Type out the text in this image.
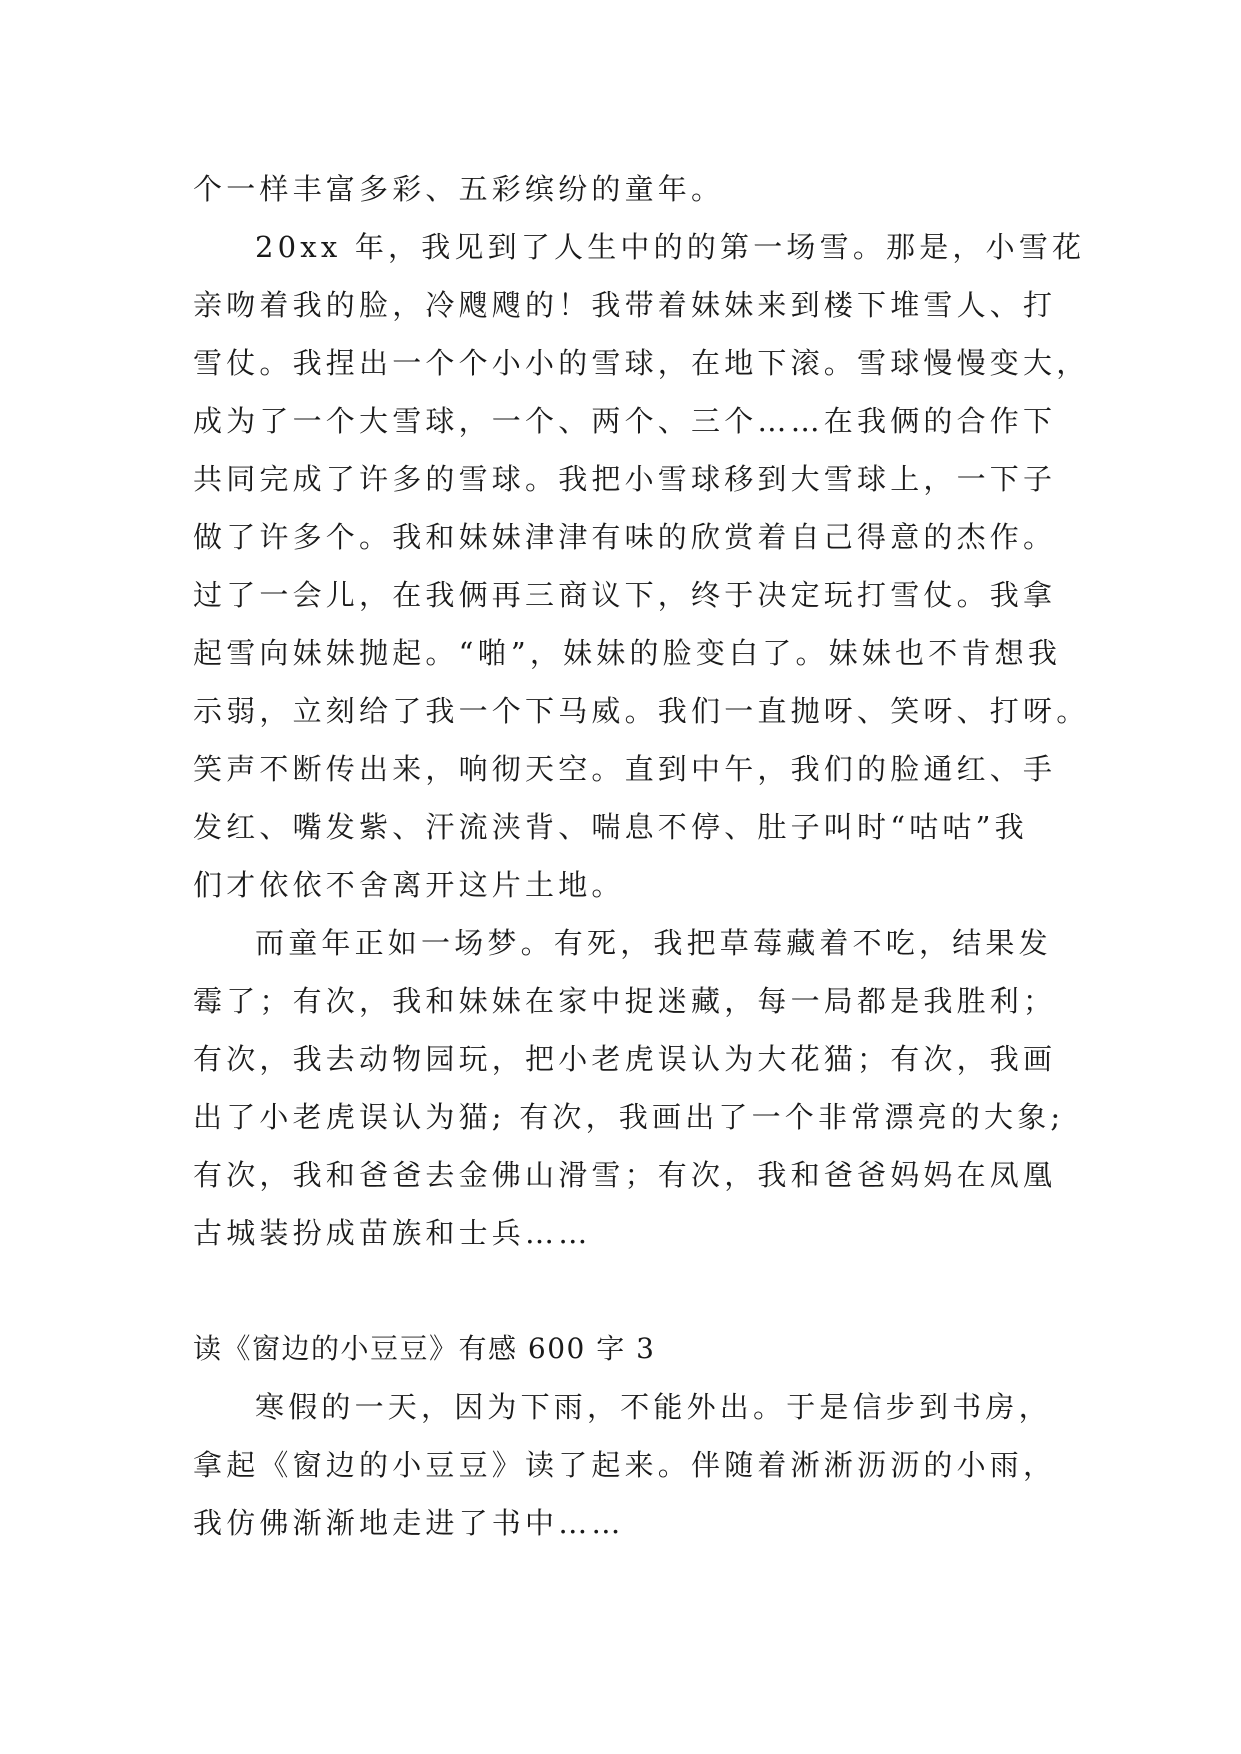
个一样丰富多彩、五彩缤纷的童年。
20xx 年，我见到了人生中的的第一场雪。那是，小雪花
亲吻着我的脸，冷飕飕的！我带着妹妹来到楼下堆雪人、打
雪仗。我捏出一个个小小的雪球，在地下滚。雪球慢慢变大，
成为了一个大雪球，一个、两个、三个……在我俩的合作下
共同完成了许多的雪球。我把小雪球移到大雪球上，一下子
做了许多个。我和妹妹津津有味的欣赏着自己得意的杰作。
过了一会儿，在我俩再三商议下，终于决定玩打雪仗。我拿
起雪向妹妹抛起。“啪”，妹妹的脸变白了。妹妹也不肯想我
示弱，立刻给了我一个下马威。我们一直抛呀、笑呀、打呀。
笑声不断传出来，响彻天空。直到中午，我们的脸通红、手
发红、嘴发紫、汗流浃背、喘息不停、肚子叫时“咕咕”我
们才依依不舍离开这片土地。
而童年正如一场梦。有死，我把草莓藏着不吃，结果发
霉了；有次，我和妹妹在家中捉迷藏，每一局都是我胜利；
有次，我去动物园玩，把小老虎误认为大花猫；有次，我画
出了小老虎误认为猫; 有次，我画出了一个非常漂亮的大象;
有次，我和爸爸去金佛山滑雪；有次，我和爸爸妈妈在凤凰
古城装扮成苗族和士兵……
读《窗边的小豆豆》有感 600 字 3
寒假的一天，因为下雨，不能外出。于是信步到书房，
拿起《窗边的小豆豆》读了起来。伴随着淅淅沥沥的小雨，
我仿佛渐渐地走进了书中……
